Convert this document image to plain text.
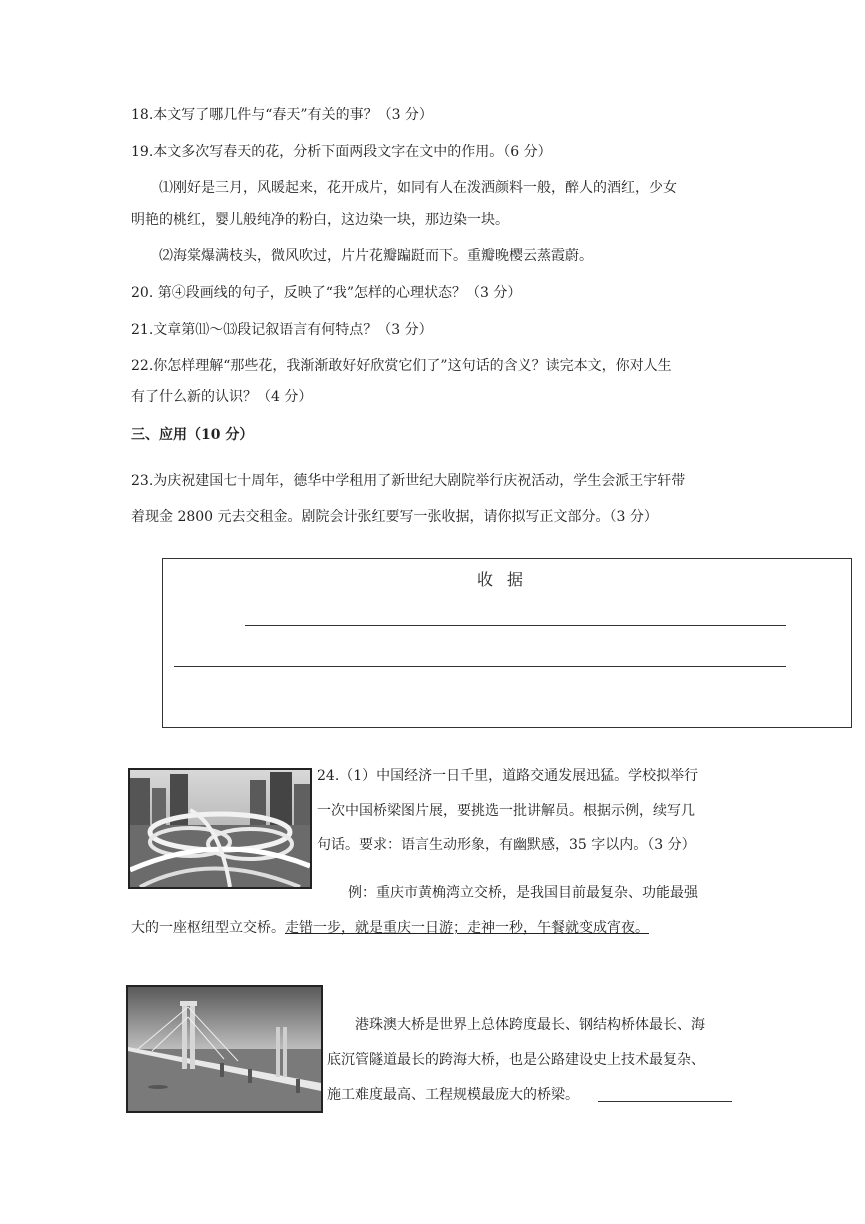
18.本文写了哪几件与“春天”有关的事？（3 分）
19.本文多次写春天的花，分析下面两段文字在文中的作用。（6 分）
⑴刚好是三月，风暖起来，花开成片，如同有人在泼洒颜料一般，醉人的酒红，少女
明艳的桃红，婴儿般纯净的粉白，这边染一块，那边染一块。
⑵海棠爆满枝头，微风吹过，片片花瓣蹁跹而下。重瓣晚樱云蒸霞蔚。
20. 第④段画线的句子，反映了“我”怎样的心理状态？（3 分）
21.文章第⑾～⒀段记叙语言有何特点？（3 分）
22.你怎样理解“那些花，我渐渐敢好好欣赏它们了”这句话的含义？读完本文，你对人生
有了什么新的认识？（4 分）
三、应用（10 分）
23.为庆祝建国七十周年，德华中学租用了新世纪大剧院举行庆祝活动，学生会派王宇轩带
着现金 2800 元去交租金。剧院会计张红要写一张收据，请你拟写正文部分。（3 分）
收据
24.（1）中国经济一日千里，道路交通发展迅猛。学校拟举行
一次中国桥梁图片展，要挑选一批讲解员。根据示例，续写几
句话。要求：语言生动形象，有幽默感，35 字以内。（3 分）
例：重庆市黄桷湾立交桥，是我国目前最复杂、功能最强
大的一座枢纽型立交桥。走错一步，就是重庆一日游；走神一秒，午餐就变成宵夜。
港珠澳大桥是世界上总体跨度最长、钢结构桥体最长、海
底沉管隧道最长的跨海大桥，也是公路建设史上技术最复杂、
施工难度最高、工程规模最庞大的桥梁。
